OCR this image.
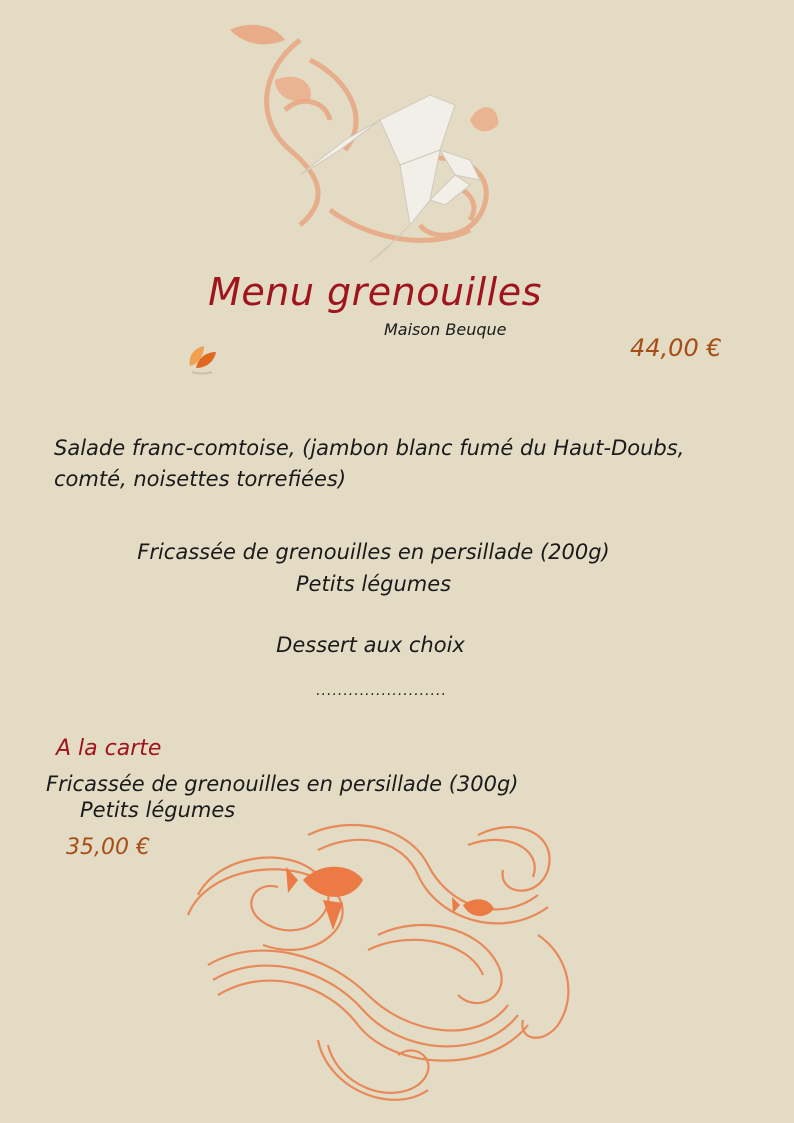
Menu grenouilles
Maison Beuque
44,00 €
Salade franc-comtoise, (jambon blanc fumé du Haut-Doubs,
comté, noisettes torrefiées)
Fricassée de grenouilles en persillade (200g)
Petits légumes
Dessert aux choix
........................
A la carte
Fricassée de grenouilles en persillade (300g)
Petits légumes
35,00 €
